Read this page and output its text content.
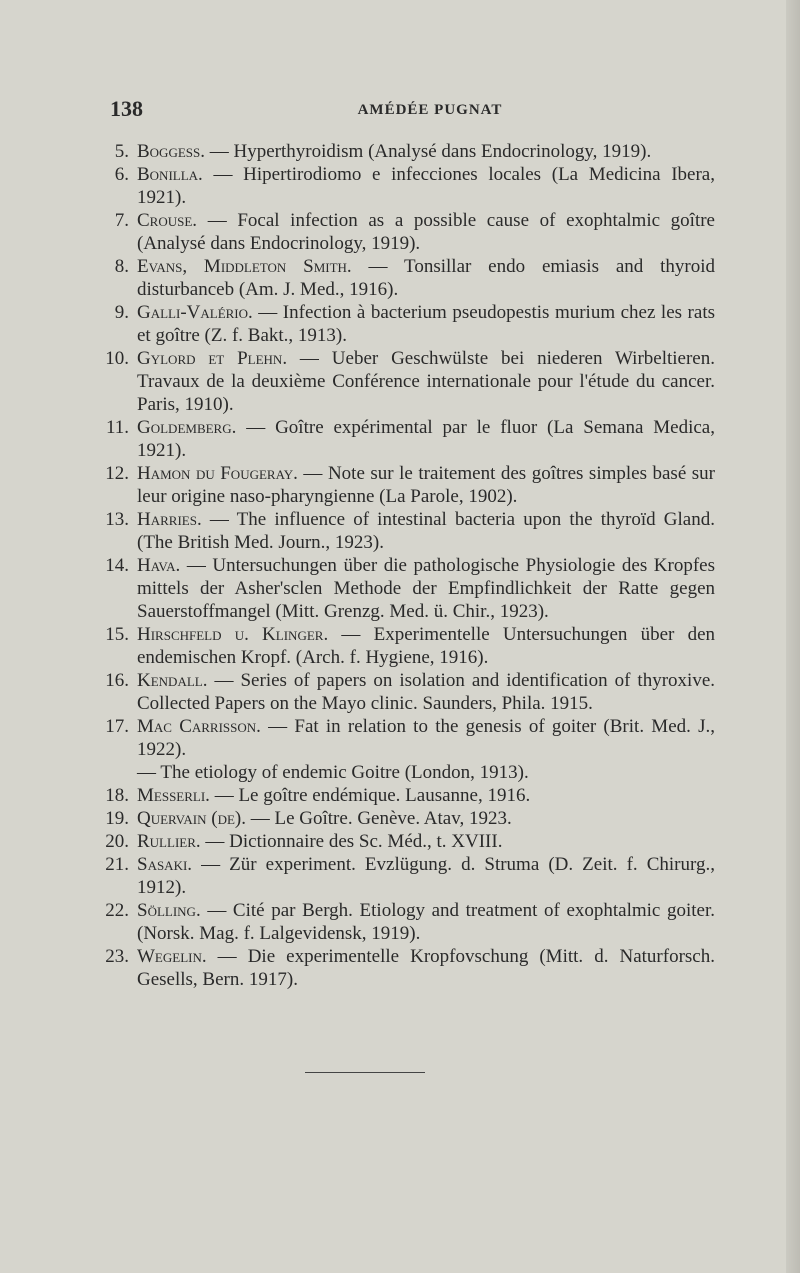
138	AMÉDÉE PUGNAT
5. Boggess. — Hyperthyroidism (Analysé dans Endocrinology, 1919).
6. Bonilla. — Hipertirodiomo e infecciones locales (La Medicina Ibera, 1921).
7. Crouse. — Focal infection as a possible cause of exophtalmic goître (Analysé dans Endocrinology, 1919).
8. Evans, Middleton Smith. — Tonsillar endo emiasis and thyroid disturbanceb (Am. J. Med., 1916).
9. Galli-Valério. — Infection à bacterium pseudopestis murium chez les rats et goître (Z. f. Bakt., 1913).
10. Gylord et Plehn. — Ueber Geschwülste bei niederen Wirbeltieren. Travaux de la deuxième Conférence internationale pour l'étude du cancer. Paris, 1910).
11. Goldemberg. — Goître expérimental par le fluor (La Semana Medica, 1921).
12. Hamon du Fougeray. — Note sur le traitement des goîtres simples basé sur leur origine naso-pharyngienne (La Parole, 1902).
13. Harries. — The influence of intestinal bacteria upon the thyroïd Gland. (The British Med. Journ., 1923).
14. Hava. — Untersuchungen über die pathologische Physiologie des Kropfes mittels der Asher'sclen Methode der Empfindlichkeit der Ratte gegen Sauerstoffmangel (Mitt. Grenzg. Med. ü. Chir., 1923).
15. Hirschfeld u. Klinger. — Experimentelle Untersuchungen über den endemischen Kropf. (Arch. f. Hygiene, 1916).
16. Kendall. — Series of papers on isolation and identification of thyroxive. Collected Papers on the Mayo clinic. Saunders, Phila. 1915.
17. Mac Carrisson. — Fat in relation to the genesis of goiter (Brit. Med. J., 1922).
— The etiology of endemic Goitre (London, 1913).
18. Messerli. — Le goître endémique. Lausanne, 1916.
19. Quervain (de). — Le Goître. Genève. Atav, 1923.
20. Rullier. — Dictionnaire des Sc. Méd., t. XVIII.
21. Sasaki. — Zür experiment. Evzlügung. d. Struma (D. Zeit. f. Chirurg., 1912).
22. Sölling. — Cité par Bergh. Etiology and treatment of exophtalmic goiter. (Norsk. Mag. f. Lalgevidensk, 1919).
23. Wegelin. — Die experimentelle Kropfovschung (Mitt. d. Naturforsch. Gesells, Bern. 1917).
